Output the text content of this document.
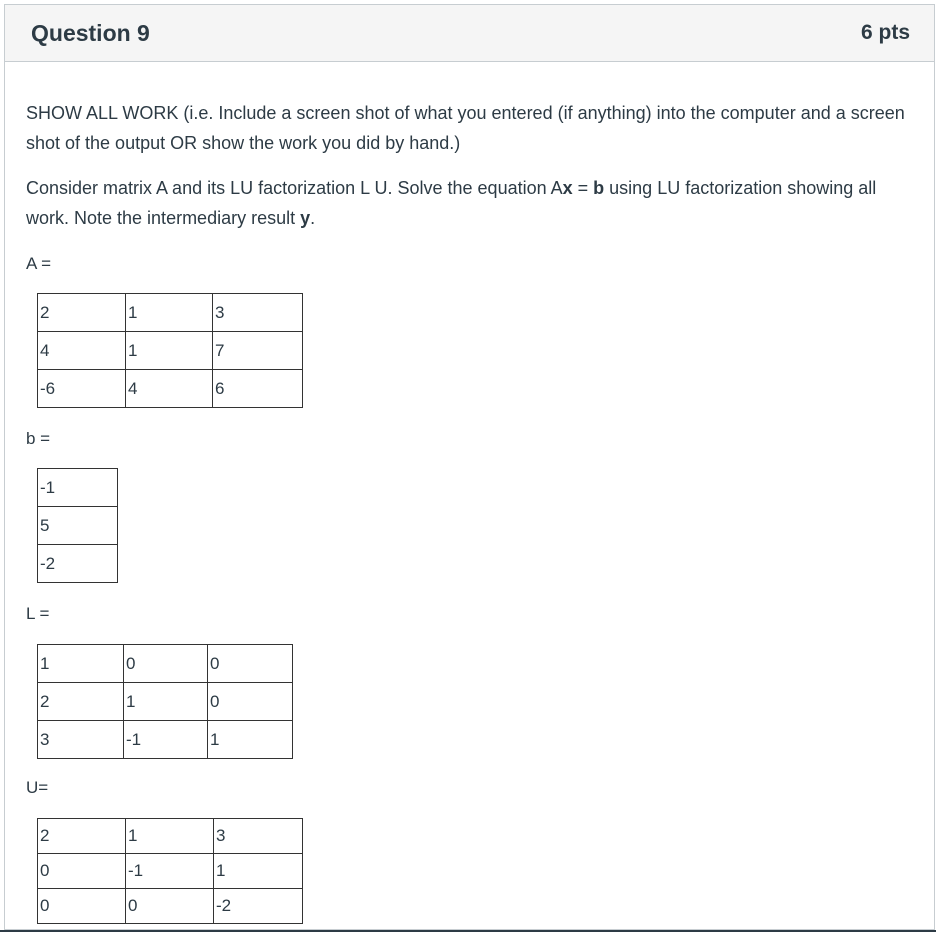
Question 9	6 pts

SHOW ALL WORK (i.e. Include a screen shot of what you entered (if anything) into the computer and a screen shot of the output OR show the work you did by hand.)

Consider matrix A and its LU factorization L U. Solve the equation Ax = b using LU factorization showing all work. Note the intermediary result y.

A =
2	1	3
4	1	7
-6	4	6
b =
-1
5
-2
L =
1	0	0
2	1	0
3	-1	1
U=
2	1	3
0	-1	1
0	0	-2
